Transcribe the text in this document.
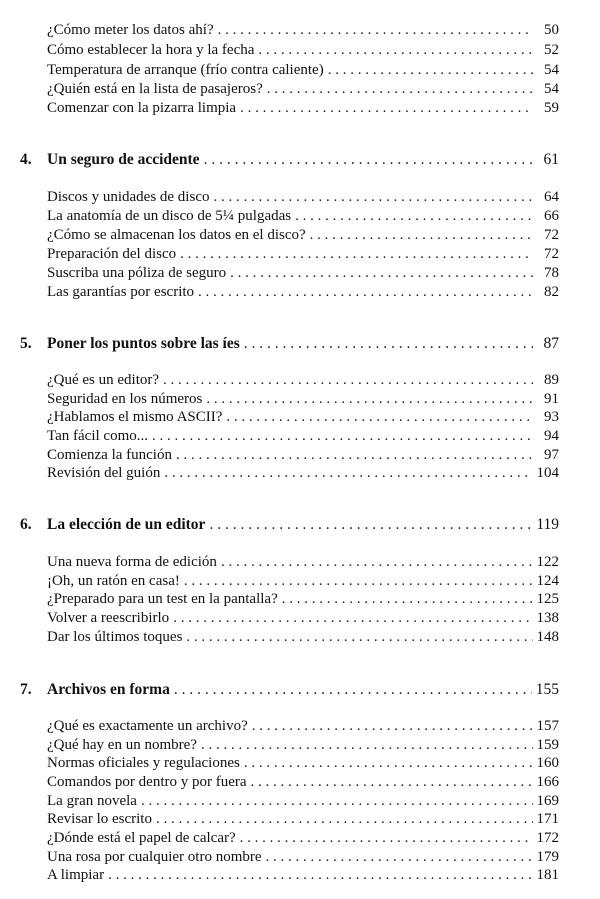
¿Cómo meter los datos ahí? . . .	50
Cómo establecer la hora y la fecha . . .	52
Temperatura de arranque (frío contra caliente) . . .	54
¿Quién está en la lista de pasajeros? . . .	54
Comenzar con la pizarra limpia . . .	59
4. Un seguro de accidente . . .	61
Discos y unidades de disco . . .	64
La anatomía de un disco de 5¼ pulgadas . . .	66
¿Cómo se almacenan los datos en el disco? . . .	72
Preparación del disco . . .	72
Suscriba una póliza de seguro . . .	78
Las garantías por escrito . . .	82
5. Poner los puntos sobre las íes . . .	87
¿Qué es un editor? . . .	89
Seguridad en los números . . .	91
¿Hablamos el mismo ASCII? . . .	93
Tan fácil como... . . .	94
Comienza la función . . .	97
Revisión del guión . . .	104
6. La elección de un editor . . .	119
Una nueva forma de edición . . .	122
¡Oh, un ratón en casa! . . .	124
¿Preparado para un test en la pantalla? . . .	125
Volver a reescribirlo . . .	138
Dar los últimos toques . . .	148
7. Archivos en forma . . .	155
¿Qué es exactamente un archivo? . . .	157
¿Qué hay en un nombre? . . .	159
Normas oficiales y regulaciones . . .	160
Comandos por dentro y por fuera . . .	166
La gran novela . . .	169
Revisar lo escrito . . .	171
¿Dónde está el papel de calcar? . . .	172
Una rosa por cualquier otro nombre . . .	179
A limpiar . . .	181
